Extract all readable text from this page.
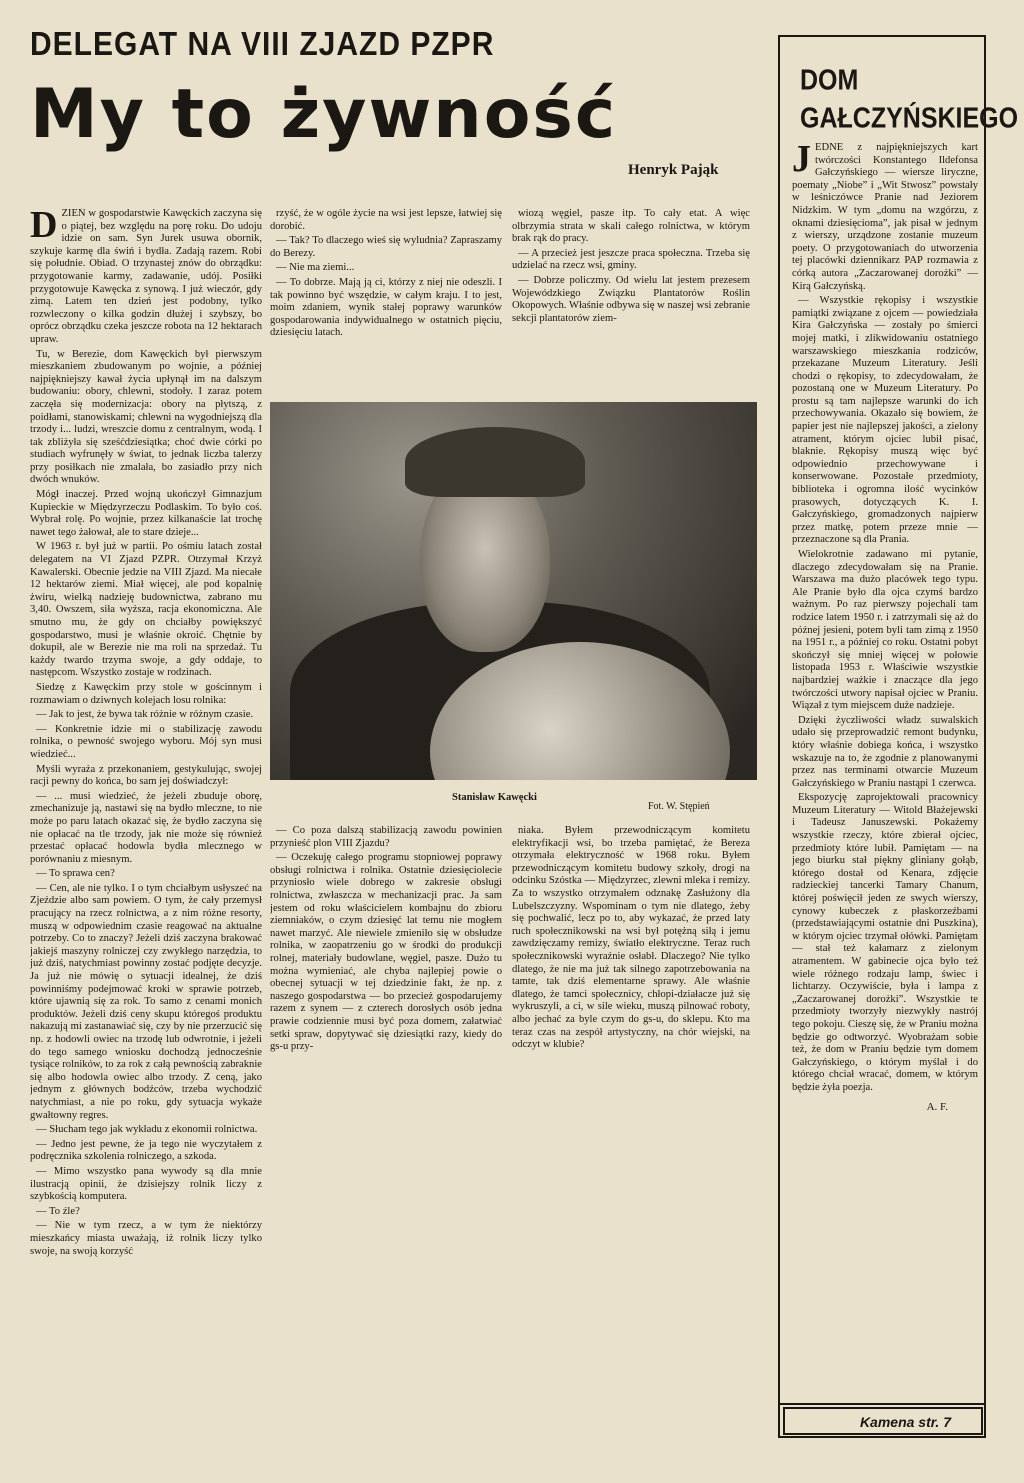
DELEGAT NA VIII ZJAZD PZPR
My to żywność
Henryk Pająk

DZIEŃ w gospodarstwie Kawęckich zaczyna się o piątej, bez względu na porę roku. Do udoju idzie on sam. Syn Jurek usuwa obornik, szykuje karmę dla świń i bydła. Zadają razem. Robi się południe. Obiad. O trzynastej znów do obrządku: przygotowanie karmy, zadawanie, udój. Posiłki przygotowuje Kawęcka z synową. I już wieczór, gdy zimą. Latem ten dzień jest podobny, tylko rozwleczony o kilka godzin dłużej i szybszy, bo oprócz obrządku czeka jeszcze robota na 12 hektarach upraw.

Tu, w Berezie, dom Kawęckich był pierwszym mieszkaniem zbudowanym po wojnie, a później najpiękniejszy kawał życia upłynął im na dalszym budowaniu: obory, chlewni, stodoły. I zaraz potem zaczęła się modernizacja: obory na płytszą, z poidłami, stanowiskami; chlewni na wygodniejszą dla trzody i... ludzi, wreszcie domu z centralnym, wodą. I tak zbliżyła się sześćdziesiątka; choć dwie córki po studiach wyfrunęły w świat, to jednak liczba talerzy przy posiłkach nie zmalała, bo zasiadło przy nich dwóch wnuków.

Mógł inaczej. Przed wojną ukończył Gimnazjum Kupieckie w Międzyrzeczu Podlaskim. To było coś. Wybrał rolę. Po wojnie, przez kilkanaście lat trochę nawet tego żałował, ale to stare dzieje...

W 1963 r. był już w partii. Po ośmiu latach został delegatem na VI Zjazd PZPR. Otrzymał Krzyż Kawalerski. Obecnie jedzie na VIII Zjazd. Ma niecałe 12 hektarów ziemi. Miał więcej, ale pod kopalnię żwiru, wielką nadzieję budownictwa, zabrano mu 3,40. Owszem, siła wyższa, racja ekonomiczna. Ale smutno mu, że gdy on chciałby powiększyć gospodarstwo, musi je właśnie okroić. Chętnie by dokupił, ale w Berezie nie ma roli na sprzedaż. Tu każdy twardo trzyma swoje, a gdy oddaje, to następcom. Wszystko zostaje w rodzinach.

Siedzę z Kawęckim przy stole w gościnnym i rozmawiam o dziwnych kolejach losu rolnika:

— Jak to jest, że bywa tak różnie w różnym czasie.

— Konkretnie idzie mi o stabilizację zawodu rolnika, o pewność swojego wyboru. Mój syn musi wiedzieć...

Myśli wyraża z przekonaniem, gestykulując, swojej racji pewny do końca, bo sam jej doświadczył:

— ... musi wiedzieć, że jeżeli zbuduje oborę, zmechanizuje ją, nastawi się na bydło mleczne, to nie może po paru latach okazać się, że bydło zaczyna się nie opłacać na tle trzody, jak nie może się również przestać opłacać hodowla bydła mlecznego w porównaniu z miesnym.

— To sprawa cen?

— Cen, ale nie tylko. I o tym chciałbym usłyszeć na Zjeździe albo sam powiem. O tym, że cały przemysł pracujący na rzecz rolnictwa, a z nim różne resorty, muszą w odpowiednim czasie reagować na aktualne potrzeby. Co to znaczy? Jeżeli dziś zaczyna brakować jakiejś maszyny rolniczej czy zwykłego narzędzia, to już dziś, natychmiast powinny zostać podjęte decyzje. Ja już nie mówię o sytuacji idealnej, że dziś powinniśmy podejmować kroki w sprawie potrzeb, które ujawnią się za rok. To samo z cenami monich produktów. Jeżeli dziś ceny skupu któregoś produktu nakazują mi zastanawiać się, czy by nie przerzucić się np. z hodowli owiec na trzodę lub odwrotnie, i jeżeli do tego samego wniosku dochodzą jednocześnie tysiące rolników, to za rok z całą pewnością zabraknie się albo hodowla owiec albo trzody. Z ceną, jako jednym z głównych bodźców, trzeba wychodzić natychmiast, a nie po roku, gdy sytuacja wykaże gwałtowny regres.

— Słucham tego jak wykładu z ekonomii rolnictwa.

— Jedno jest pewne, że ja tego nie wyczytałem z podręcznika szkolenia rolniczego, a szkoda.

— Mimo wszystko pana wywody są dla mnie ilustracją opinii, że dzisiejszy rolnik liczy z szybkością komputera.

— To źle?

— Nie w tym rzecz, a w tym że niektórzy mieszkańcy miasta uważają, iż rolnik liczy tylko swoje, na swoją korzyść

rzyść, że w ogóle życie na wsi jest lepsze, łatwiej się dorobić.

— Tak? To dlaczego wieś się wyludnia? Zapraszamy do Berezy.

— Nie ma ziemi...

— To dobrze. Mają ją ci, którzy z niej nie odeszli. I tak powinno być wszędzie, w całym kraju. I to jest, moim zdaniem, wynik stałej poprawy warunków gospodarowania indywidualnego w ostatnich pięciu, dziesięciu latach.

wiozą węgiel, pasze itp. To cały etat. A więc olbrzymia strata w skali całego rolnictwa, w którym brak rąk do pracy.

— A przecież jest jeszcze praca społeczna. Trzeba się udzielać na rzecz wsi, gminy.

— Dobrze policzmy. Od wielu lat jestem prezesem Wojewódzkiego Związku Plantatorów Roślin Okopowych. Właśnie odbywa się w naszej wsi zebranie sekcji plantatorów ziem-

Stanisław Kawęcki
Fot. W. Stępień

— Co poza dalszą stabilizacją zawodu powinien przynieść plon VIII Zjazdu?

— Oczekuję całego programu stopniowej poprawy obsługi rolnictwa i rolnika. Ostatnie dziesięciolecie przyniosło wiele dobrego w zakresie obsługi rolnictwa, zwłaszcza w mechanizacji prac. Ja sam jestem od roku właścicielem kombajnu do zbioru ziemniaków, o czym dziesięć lat temu nie mogłem nawet marzyć. Ale niewiele zmieniło się w obsłudze rolnika, w zaopatrzeniu go w środki do produkcji rolnej, materiały budowlane, węgiel, pasze. Dużo tu można wymieniać, ale chyba najlepiej powie o obecnej sytuacji w tej dziedzinie fakt, że np. z naszego gospodarstwa — bo przecież gospodarujemy razem z synem — z czterech dorosłych osób jedna prawie codziennie musi być poza domem, załatwiać setki spraw, dopytywać się dziesiątki razy, kiedy do gs-u przy-

niaka. Byłem przewodniczącym komitetu elektryfikacji wsi, bo trzeba pamiętać, że Bereza otrzymała elektryczność w 1968 roku. Byłem przewodniczącym komitetu budowy szkoły, drogi na odcinku Szóstka — Międzyrzec, zlewni mleka i remizy. Za to wszystko otrzymałem odznakę Zasłużony dla Lubelszczyzny. Wspominam o tym nie dlatego, żeby się pochwalić, lecz po to, aby wykazać, że przed laty ruch społecznikowski na wsi był potężną siłą i jemu zawdzięczamy remizy, światło elektryczne. Teraz ruch społecznikowski wyraźnie osłabł. Dlaczego? Nie tylko dlatego, że nie ma już tak silnego zapotrzebowania na tamte, tak dziś elementarne sprawy. Ale właśnie dlatego, że tamci społecznicy, chłopi-działacze już się wykruszyli, a ci, w sile wieku, muszą pilnować roboty, albo jechać za byle czym do gs-u, do sklepu. Kto ma teraz czas na zespół artystyczny, na chór wiejski, na odczyt w klubie?

DOM
GAŁCZYŃSKIEGO

JEDNE z najpiękniejszych kart twórczości Konstantego Ildefonsa Gałczyńskiego — wiersze liryczne, poematy „Niobe” i „Wit Stwosz” powstały w leśniczówce Pranie nad Jeziorem Nidzkim. W tym „domu na wzgórzu, z oknami dziesięcioma”, jak pisał w jednym z wierszy, urządzone zostanie muzeum poety. O przygotowaniach do utworzenia tej placówki dziennikarz PAP rozmawia z córką autora „Zaczarowanej dorożki” — Kirą Gałczyńską.

— Wszystkie rękopisy i wszystkie pamiątki związane z ojcem — powiedziała Kira Gałczyńska — zostały po śmierci mojej matki, i zlikwidowaniu ostatniego warszawskiego mieszkania rodziców, przekazane Muzeum Literatury. Jeśli chodzi o rękopisy, to zdecydowałam, że pozostaną one w Muzeum Literatury. Po prostu są tam najlepsze warunki do ich przechowywania. Okazało się bowiem, że papier jest nie najlepszej jakości, a zielony atrament, którym ojciec lubił pisać, blaknie. Rękopisy muszą więc być odpowiednio przechowywane i konserwowane. Pozostałe przedmioty, biblioteka i ogromna ilość wycinków prasowych, dotyczących K. I. Gałczyńskiego, gromadzonych najpierw przez matkę, potem przeze mnie — przeznaczone są dla Prania.

Wielokrotnie zadawano mi pytanie, dlaczego zdecydowałam się na Pranie. Warszawa ma dużo placówek tego typu. Ale Pranie było dla ojca czymś bardzo ważnym. Po raz pierwszy pojechali tam rodzice latem 1950 r. i zatrzymali się aż do późnej jesieni, potem byli tam zimą z 1950 na 1951 r., a później co roku. Ostatni pobyt skończył się mniej więcej w połowie listopada 1953 r. Właściwie wszystkie najbardziej ważkie i znaczące dla jego twórczości utwory napisał ojciec w Praniu. Wiązał z tym miejscem duże nadzieje.

Dzięki życzliwości władz suwalskich udało się przeprowadzić remont budynku, który właśnie dobiega końca, i wszystko wskazuje na to, że zgodnie z planowanymi przez nas terminami otwarcie Muzeum Gałczyńskiego w Praniu nastąpi 1 czerwca.

Ekspozycję zaprojektowali pracownicy Muzeum Literatury — Witold Błażejewski i Tadeusz Januszewski. Pokażemy wszystkie rzeczy, które zbierał ojciec, przedmioty które lubił. Pamiętam — na jego biurku stał piękny gliniany gołąb, którego dostał od Kenara, zdjęcie radzieckiej tancerki Tamary Chanum, której poświęcił jeden ze swych wierszy, cynowy kubeczek z płaskorzeźbami (przedstawiającymi ostatnie dni Puszkina), w którym ojciec trzymał ołówki. Pamiętam — stał też kałamarz z zielonym atramentem. W gabinecie ojca było też wiele różnego rodzaju lamp, świec i lichtarzy. Oczywiście, była i lampa z „Zaczarowanej dorożki”. Wszystkie te przedmioty tworzyły niezwykły nastrój tego pokoju. Cieszę się, że w Praniu można będzie go odtworzyć. Wyobrażam sobie też, że dom w Praniu będzie tym domem Gałczyńskiego, o którym myślał i do którego chciał wracać, domem, w którym będzie żyła poezja.

A. F.

Kamena str. 7
